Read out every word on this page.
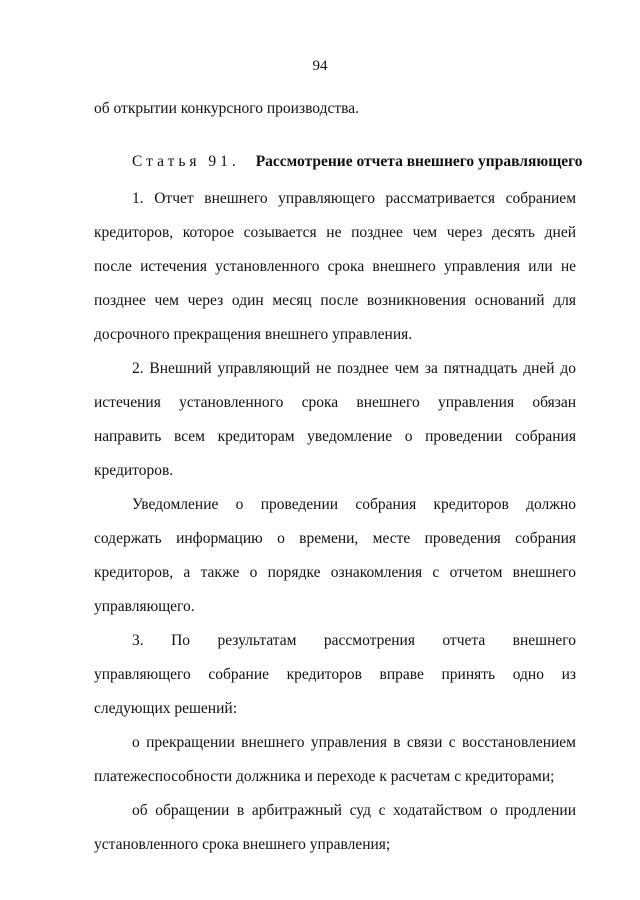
94
об открытии конкурсного производства.
Статья 91. Рассмотрение отчета внешнего управляющего
1. Отчет внешнего управляющего рассматривается собранием
кредиторов, которое созывается не позднее чем через десять дней
после истечения установленного срока внешнего управления или не
позднее чем через один месяц после возникновения оснований для
досрочного прекращения внешнего управления.
2. Внешний управляющий не позднее чем за пятнадцать дней до
истечения установленного срока внешнего управления обязан
направить всем кредиторам уведомление о проведении собрания
кредиторов.
Уведомление о проведении собрания кредиторов должно
содержать информацию о времени, месте проведения собрания
кредиторов, а также о порядке ознакомления с отчетом внешнего
управляющего.
3. По результатам рассмотрения отчета внешнего
управляющего собрание кредиторов вправе принять одно из
следующих решений:
о прекращении внешнего управления в связи с восстановлением
платежеспособности должника и переходе к расчетам с кредиторами;
об обращении в арбитражный суд с ходатайством о продлении
установленного срока внешнего управления;
